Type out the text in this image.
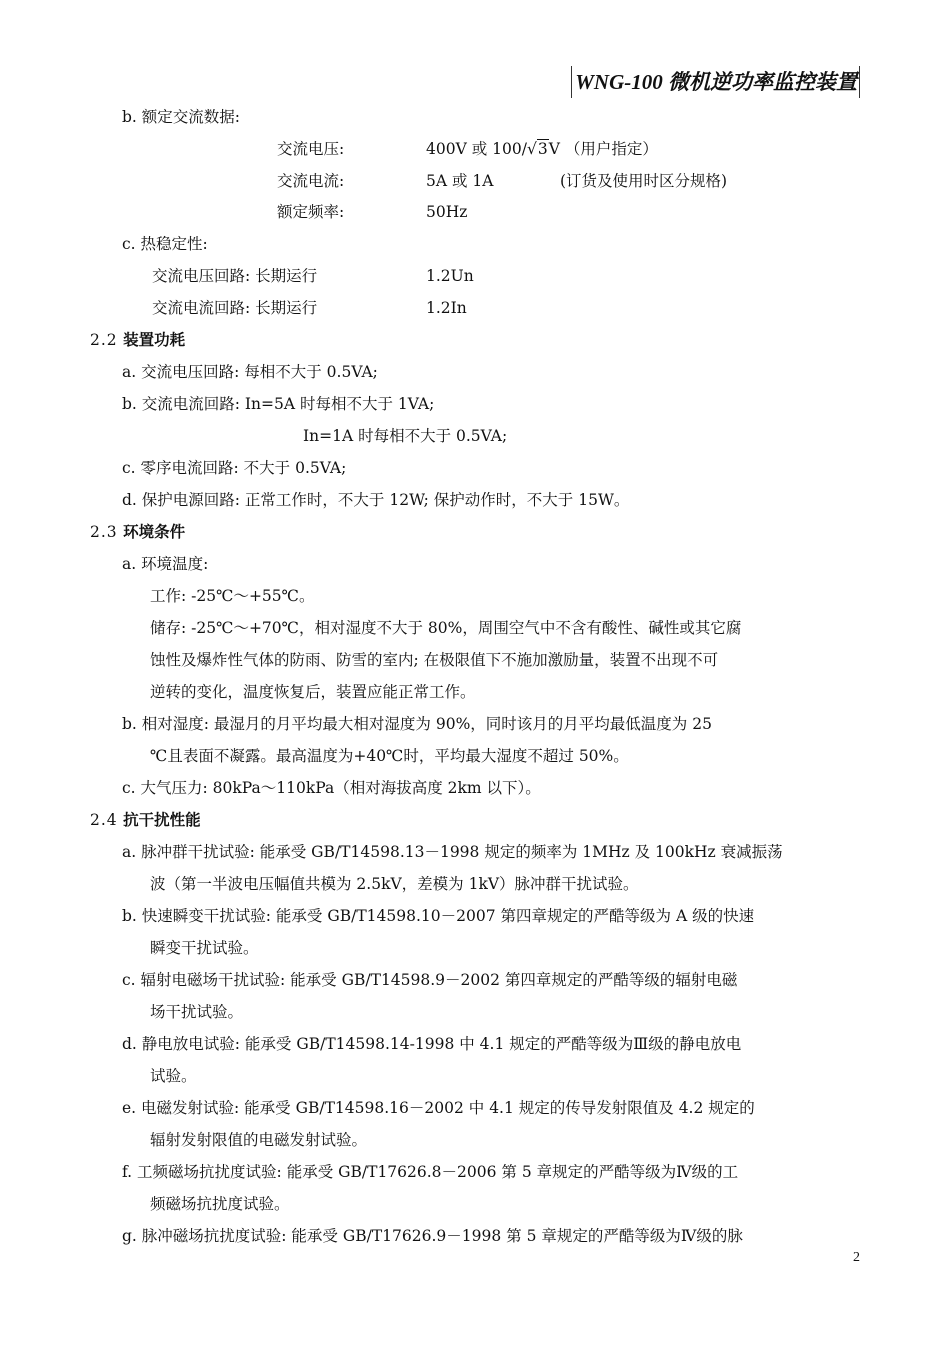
WNG-100 微机逆功率监控装置
b. 额定交流数据:
交流电压:	400V 或 100/√3V （用户指定）
交流电流:	5A 或 1A	(订货及使用时区分规格)
额定频率:	50Hz
c. 热稳定性:
交流电压回路: 长期运行	1.2Un
交流电流回路: 长期运行	1.2In
2.2 装置功耗
a. 交流电压回路: 每相不大于 0.5VA;
b. 交流电流回路: In=5A 时每相不大于 1VA;
In=1A 时每相不大于 0.5VA;
c. 零序电流回路: 不大于 0.5VA;
d. 保护电源回路: 正常工作时，不大于 12W; 保护动作时，不大于 15W。
2.3 环境条件
a. 环境温度:
工作: -25℃～+55℃。
储存: -25℃～+70℃，相对湿度不大于 80%，周围空气中不含有酸性、碱性或其它腐
蚀性及爆炸性气体的防雨、防雪的室内; 在极限值下不施加激励量，装置不出现不可
逆转的变化，温度恢复后，装置应能正常工作。
b. 相对湿度: 最湿月的月平均最大相对湿度为 90%，同时该月的月平均最低温度为 25
℃且表面不凝露。最高温度为+40℃时，平均最大湿度不超过 50%。
c. 大气压力: 80kPa～110kPa（相对海拔高度 2km 以下）。
2.4 抗干扰性能
a. 脉冲群干扰试验: 能承受 GB/T14598.13－1998 规定的频率为 1MHz 及 100kHz 衰减振荡
波（第一半波电压幅值共模为 2.5kV，差模为 1kV）脉冲群干扰试验。
b. 快速瞬变干扰试验: 能承受 GB/T14598.10－2007 第四章规定的严酷等级为 A 级的快速
瞬变干扰试验。
c. 辐射电磁场干扰试验: 能承受 GB/T14598.9－2002 第四章规定的严酷等级的辐射电磁
场干扰试验。
d. 静电放电试验: 能承受 GB/T14598.14-1998 中 4.1 规定的严酷等级为Ⅲ级的静电放电
试验。
e. 电磁发射试验: 能承受 GB/T14598.16－2002 中 4.1 规定的传导发射限值及 4.2 规定的
辐射发射限值的电磁发射试验。
f. 工频磁场抗扰度试验: 能承受 GB/T17626.8－2006 第 5 章规定的严酷等级为Ⅳ级的工
频磁场抗扰度试验。
g. 脉冲磁场抗扰度试验: 能承受 GB/T17626.9－1998 第 5 章规定的严酷等级为Ⅳ级的脉
2
